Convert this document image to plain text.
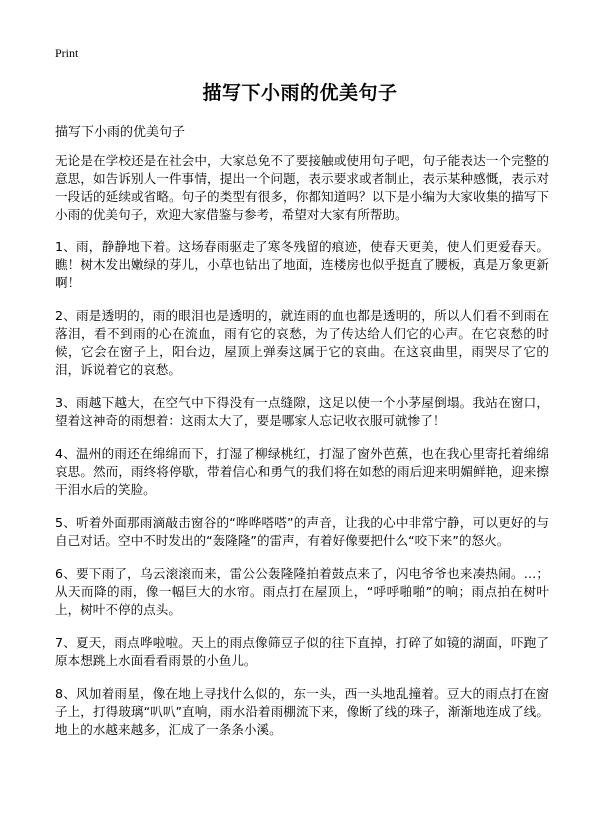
Print
描写下小雨的优美句子
描写下小雨的优美句子

无论是在学校还是在社会中，大家总免不了要接触或使用句子吧，句子能表达一个完整的意思，如告诉别人一件事情，提出一个问题，表示要求或者制止，表示某种感慨，表示对一段话的延续或省略。句子的类型有很多，你都知道吗？以下是小编为大家收集的描写下小雨的优美句子，欢迎大家借鉴与参考，希望对大家有所帮助。

1、雨，静静地下着。这场春雨驱走了寒冬残留的痕迹，使春天更美，使人们更爱春天。瞧！树木发出嫩绿的芽儿，小草也钻出了地面，连楼房也似乎挺直了腰板，真是万象更新啊！

2、雨是透明的，雨的眼泪也是透明的，就连雨的血也都是透明的，所以人们看不到雨在落泪，看不到雨的心在流血，雨有它的哀愁，为了传达给人们它的心声。在它哀愁的时候，它会在窗子上，阳台边，屋顶上弹奏这属于它的哀曲。在这哀曲里，雨哭尽了它的泪，诉说着它的哀愁。

3、雨越下越大，在空气中下得没有一点缝隙，这足以使一个小茅屋倒塌。我站在窗口，望着这神奇的雨想着：这雨太大了，要是哪家人忘记收衣服可就惨了！

4、温州的雨还在绵绵而下，打湿了柳绿桃红，打湿了窗外芭蕉，也在我心里寄托着绵绵哀思。然而，雨终将停歇，带着信心和勇气的我们将在如愁的雨后迎来明媚鲜艳，迎来擦干泪水后的笑脸。

5、听着外面那雨滴敲击窗谷的“哗哗嗒嗒”的声音，让我的心中非常宁静，可以更好的与自己对话。空中不时发出的“轰隆隆”的雷声，有着好像要把什么“咬下来”的怒火。

6、要下雨了，乌云滚滚而来，雷公公轰隆隆拍着鼓点来了，闪电爷爷也来凑热闹。…；从天而降的雨，像一幅巨大的水帘。雨点打在屋顶上，“呼呼啪啪”的响；雨点拍在树叶上，树叶不停的点头。

7、夏天，雨点哗啦啦。天上的雨点像筛豆子似的往下直掉，打碎了如镜的湖面，吓跑了原本想跳上水面看看雨景的小鱼儿。

8、风加着雨星，像在地上寻找什么似的，东一头，西一头地乱撞着。豆大的雨点打在窗子上，打得玻璃“叭叭”直响，雨水沿着雨棚流下来，像断了线的珠子，渐渐地连成了线。地上的水越来越多，汇成了一条条小溪。
